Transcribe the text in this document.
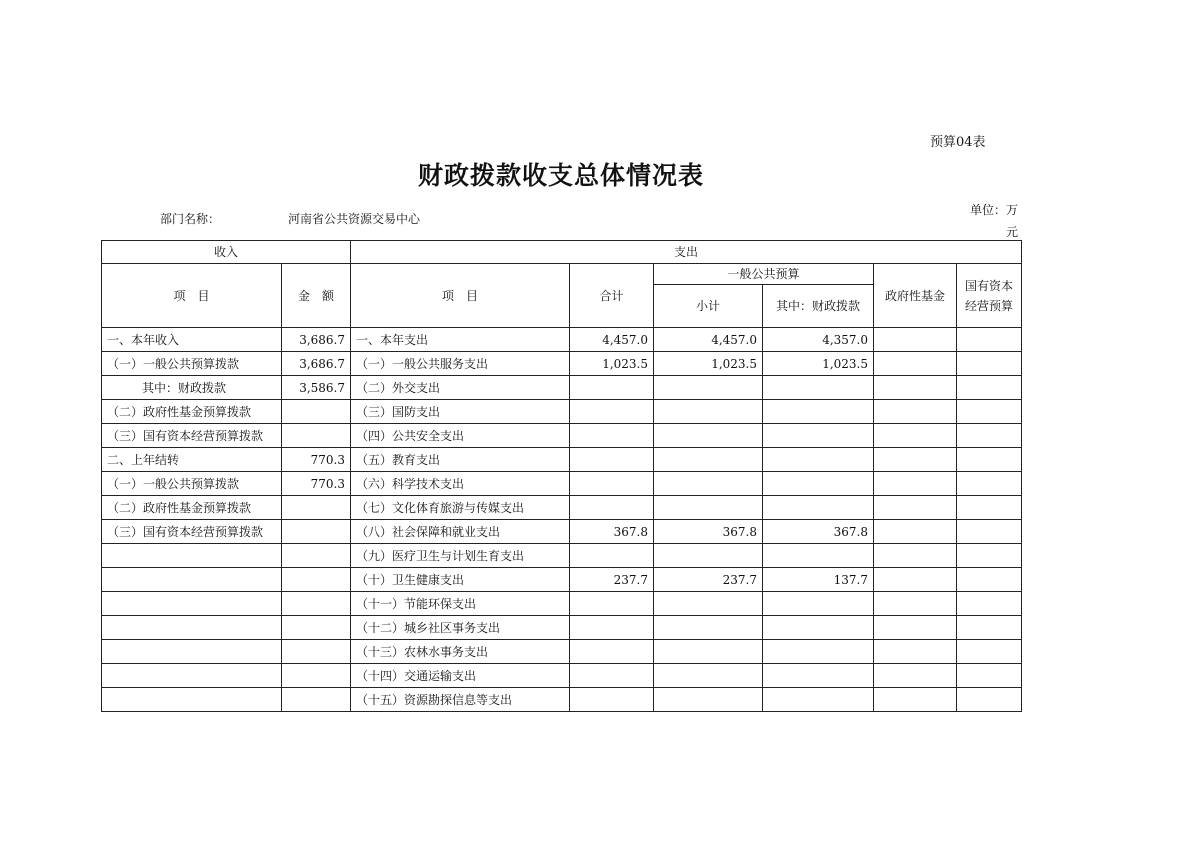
预算04表
财政拨款收支总体情况表
部门名称：	河南省公共资源交易中心
单位：万
元
收入		支出					
项　目	金　额	项　目	合计	一般公共预算		政府性基金	国有资本经营预算
				小计	其中：财政拨款		
一、本年收入	3,686.7	一、本年支出	4,457.0	4,457.0	4,357.0		
（一）一般公共预算拨款	3,686.7	（一）一般公共服务支出	1,023.5	1,023.5	1,023.5		
其中：财政拨款	3,586.7	（二）外交支出					
（二）政府性基金预算拨款		（三）国防支出					
（三）国有资本经营预算拨款		（四）公共安全支出					
二、上年结转	770.3	（五）教育支出					
（一）一般公共预算拨款	770.3	（六）科学技术支出					
（二）政府性基金预算拨款		（七）文化体育旅游与传媒支出					
（三）国有资本经营预算拨款		（八）社会保障和就业支出	367.8	367.8	367.8		
		（九）医疗卫生与计划生育支出					
		（十）卫生健康支出	237.7	237.7	137.7		
		（十一）节能环保支出					
		（十二）城乡社区事务支出					
		（十三）农林水事务支出					
		（十四）交通运输支出					
		（十五）资源勘探信息等支出					
